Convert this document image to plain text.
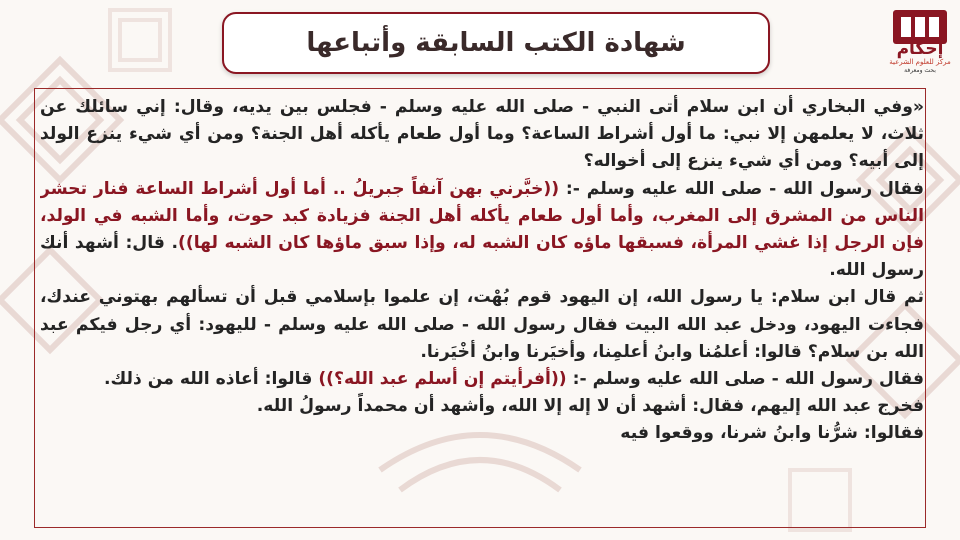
شهادة الكتب السابقة وأتباعها	إحكام
مركز للعلوم الشرعية
بحث ومعرفة

«وفي البخاري أن ابن سلام أتى النبي - صلى الله عليه وسلم - فجلس بين يديه، وقال: إني سائلك عن ثلاث، لا يعلمهن إلا نبي: ما أول أشراط الساعة؟ وما أول طعام يأكله أهل الجنة؟ ومن أي شيء ينزع الولد إلى أبيه؟ ومن أي شيء ينزع إلى أخواله؟

فقال رسول الله - صلى الله عليه وسلم -: ((خبَّرني بهن آنفاً جبريلُ .. أما أول أشراط الساعة فنار تحشر الناس من المشرق إلى المغرب، وأما أول طعام يأكله أهل الجنة فزيادة كبد حوت، وأما الشبه في الولد، فإن الرجل إذا غشي المرأة، فسبقها ماؤه كان الشبه له، وإذا سبق ماؤها كان الشبه لها)). قال: أشهد أنك رسول الله.

ثم قال ابن سلام: يا رسول الله، إن اليهود قوم بُهْت، إن علموا بإسلامي قبل أن تسألهم بهتوني عندك، فجاءت اليهود، ودخل عبد الله البيت فقال رسول الله - صلى الله عليه وسلم - لليهود: أي رجل فيكم عبد الله بن سلام؟ قالوا: أعلمُنا وابنُ أعلمِنا، وأخيَرنا وابنُ أخْيَرنا.

فقال رسول الله - صلى الله عليه وسلم -: ((أفرأيتم إن أسلم عبد الله؟)) قالوا: أعاذه الله من ذلك.

فخرج عبد الله إليهم، فقال: أشهد أن لا إله إلا الله، وأشهد أن محمداً رسولُ الله.

فقالوا: شرُّنا وابنُ شرنا، ووقعوا فيه
